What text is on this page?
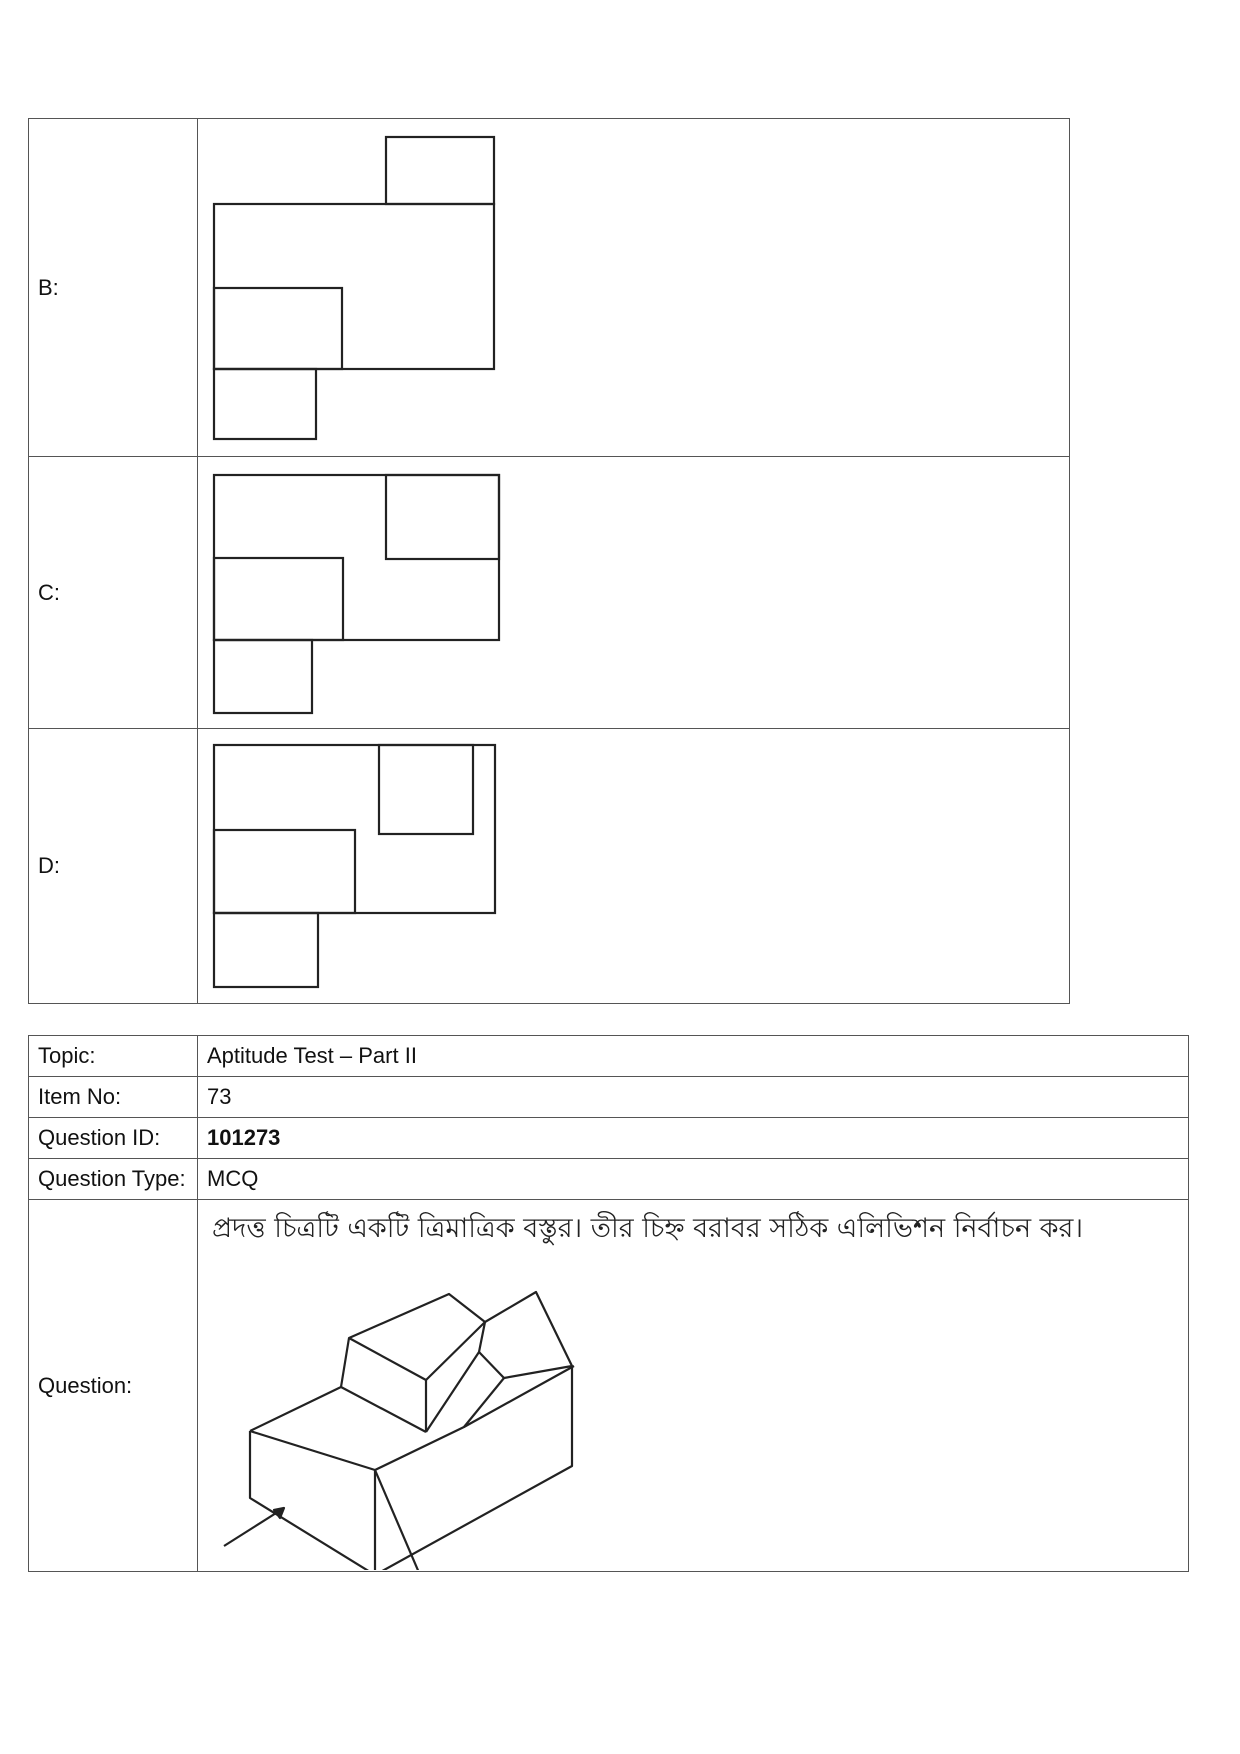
B:	

C:	

D:	
Topic:	Aptitude Test – Part II
Item No:	73
Question ID:	101273
Question Type:	MCQ
Question:	প্রদত্ত চিত্রটি একটি ত্রিমাত্রিক বস্তুর। তীর চিহ্ন বরাবর সঠিক এলিভিশন নির্বাচন কর।
